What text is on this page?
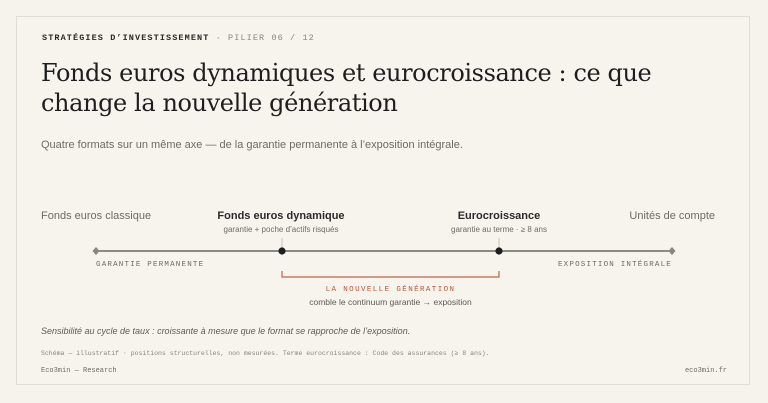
STRATÉGIES D’INVESTISSEMENT · PILIER 06 / 12
Fonds euros dynamiques et eurocroissance : ce que change la nouvelle génération
Quatre formats sur un même axe — de la garantie permanente à l’exposition intégrale.
Fonds euros classique	Fonds euros dynamique
garantie + poche d’actifs risqués
Eurocroissance
garantie au terme · ≥ 8 ans
Unités de compte
GARANTIE PERMANENTE	EXPOSITION INTÉGRALE
LA NOUVELLE GÉNÉRATION
comble le continuum garantie → exposition
Sensibilité au cycle de taux : croissante à mesure que le format se rapproche de l’exposition.
Schéma — illustratif · positions structurelles, non mesurées. Terme eurocroissance : Code des assurances (≥ 8 ans).
Eco3min — Research	eco3min.fr
